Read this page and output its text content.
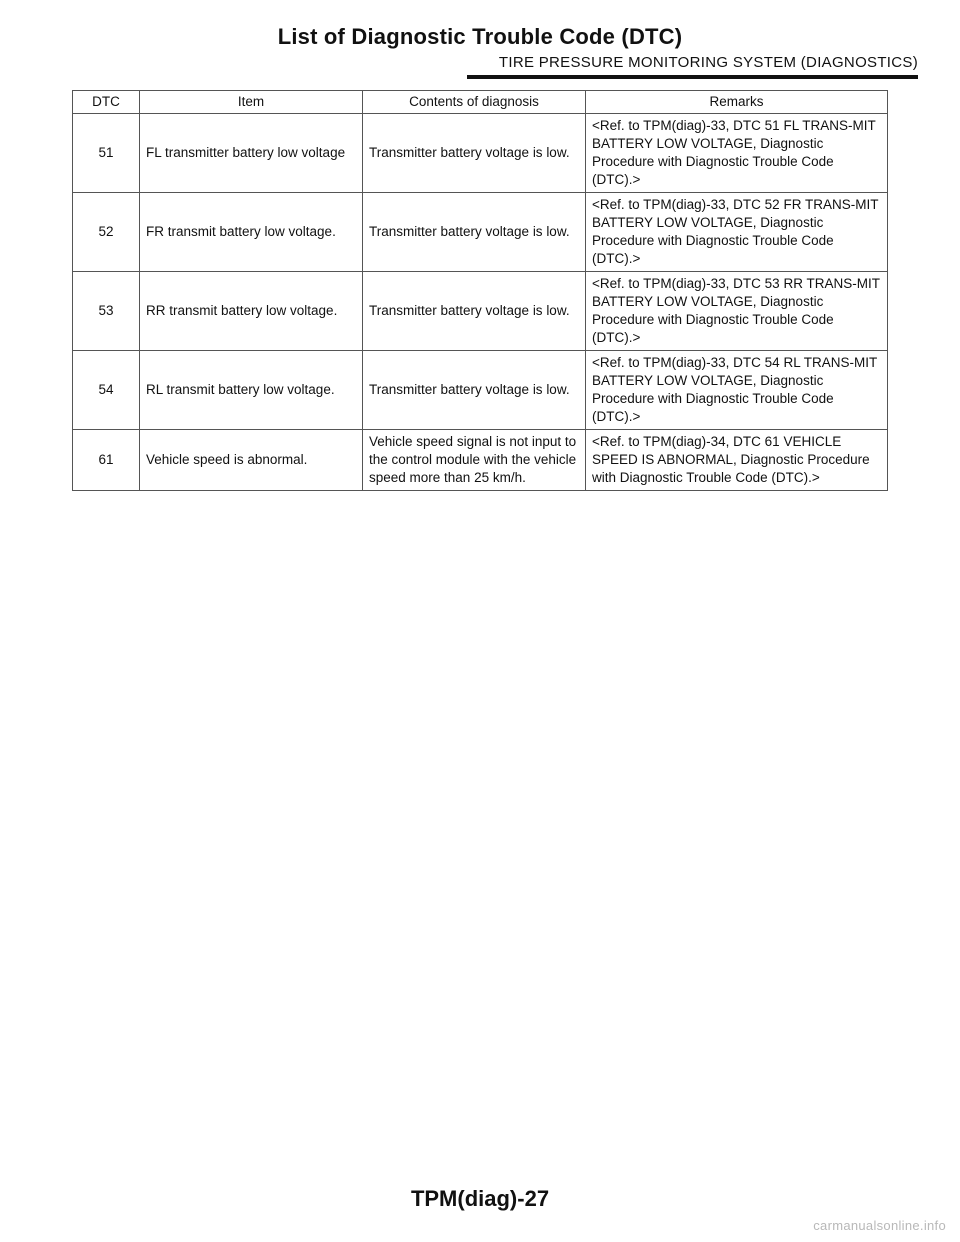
List of Diagnostic Trouble Code (DTC)
TIRE PRESSURE MONITORING SYSTEM (DIAGNOSTICS)
DTC	Item	Contents of diagnosis	Remarks
51	FL transmitter battery low voltage	Transmitter battery voltage is low.	<Ref. to TPM(diag)-33, DTC 51 FL TRANS-MIT BATTERY LOW VOLTAGE, Diagnostic Procedure with Diagnostic Trouble Code (DTC).>
52	FR transmit battery low voltage.	Transmitter battery voltage is low.	<Ref. to TPM(diag)-33, DTC 52 FR TRANS-MIT BATTERY LOW VOLTAGE, Diagnostic Procedure with Diagnostic Trouble Code (DTC).>
53	RR transmit battery low voltage.	Transmitter battery voltage is low.	<Ref. to TPM(diag)-33, DTC 53 RR TRANS-MIT BATTERY LOW VOLTAGE, Diagnostic Procedure with Diagnostic Trouble Code (DTC).>
54	RL transmit battery low voltage.	Transmitter battery voltage is low.	<Ref. to TPM(diag)-33, DTC 54 RL TRANS-MIT BATTERY LOW VOLTAGE, Diagnostic Procedure with Diagnostic Trouble Code (DTC).>
61	Vehicle speed is abnormal.	Vehicle speed signal is not input to the control module with the vehicle speed more than 25 km/h.	<Ref. to TPM(diag)-34, DTC 61 VEHICLE SPEED IS ABNORMAL, Diagnostic Procedure with Diagnostic Trouble Code (DTC).>
TPM(diag)-27
carmanualsonline.info
